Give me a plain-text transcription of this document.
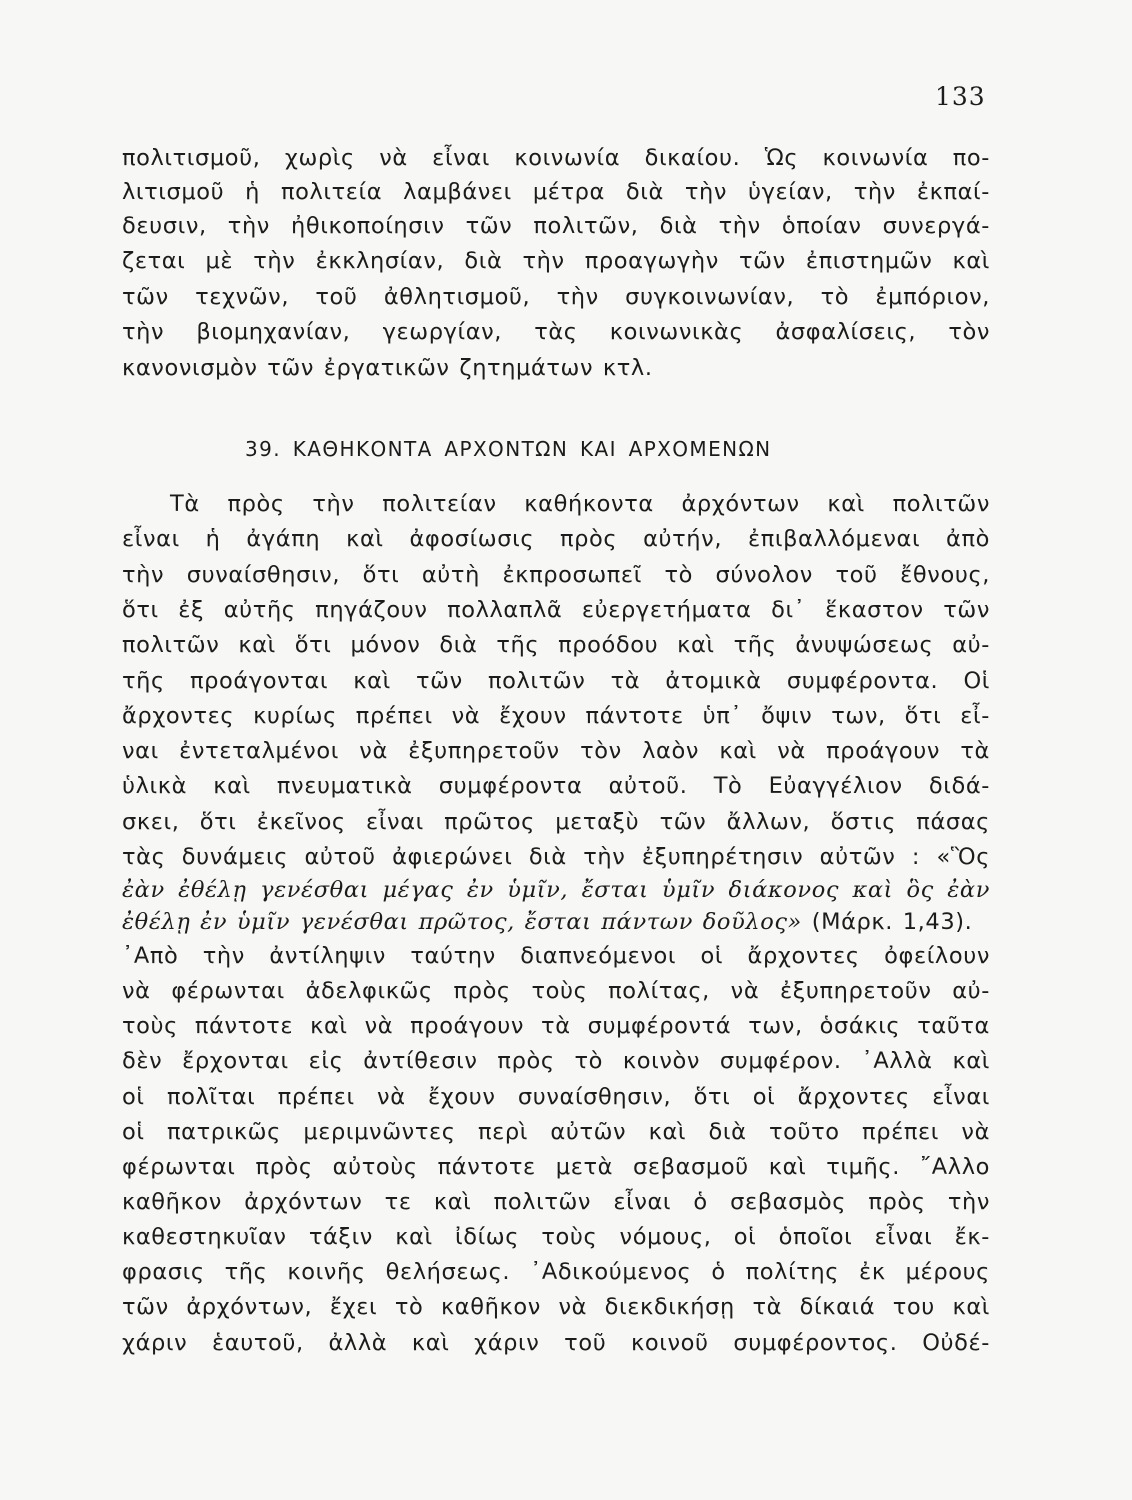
133
πολιτισμοῦ, χωρὶς νὰ εἶναι κοινωνία δικαίου. Ὡς κοινωνία πο-
λιτισμοῦ ἡ πολιτεία λαμβάνει μέτρα διὰ τὴν ὑγείαν, τὴν ἐκπαί-
δευσιν, τὴν ἠθικοποίησιν τῶν πολιτῶν, διὰ τὴν ὁποίαν συνεργά-
ζεται μὲ τὴν ἐκκλησίαν, διὰ τὴν προαγωγὴν τῶν ἐπιστημῶν καὶ
τῶν τεχνῶν, τοῦ ἀθλητισμοῦ, τὴν συγκοινωνίαν, τὸ ἐμπόριον,
τὴν βιομηχανίαν, γεωργίαν, τὰς κοινωνικὰς ἀσφαλίσεις, τὸν
κανονισμὸν τῶν ἐργατικῶν ζητημάτων κτλ.
39. ΚΑΘΗΚΟΝΤΑ ΑΡΧΟΝΤΩΝ ΚΑΙ ΑΡΧΟΜΕΝΩΝ
Τὰ πρὸς τὴν πολιτείαν καθήκοντα ἀρχόντων καὶ πολιτῶν
εἶναι ἡ ἀγάπη καὶ ἀφοσίωσις πρὸς αὐτήν, ἐπιβαλλόμεναι ἀπὸ
τὴν συναίσθησιν, ὅτι αὐτὴ ἐκπροσωπεῖ τὸ σύνολον τοῦ ἔθνους,
ὅτι ἐξ αὐτῆς πηγάζουν πολλαπλᾶ εὐεργετήματα δι᾽ ἕκαστον τῶν
πολιτῶν καὶ ὅτι μόνον διὰ τῆς προόδου καὶ τῆς ἀνυψώσεως αὐ-
τῆς προάγονται καὶ τῶν πολιτῶν τὰ ἀτομικὰ συμφέροντα. Οἱ
ἄρχοντες κυρίως πρέπει νὰ ἔχουν πάντοτε ὑπ᾽ ὄψιν των, ὅτι εἶ-
ναι ἐντεταλμένοι νὰ ἐξυπηρετοῦν τὸν λαὸν καὶ νὰ προάγουν τὰ
ὑλικὰ καὶ πνευματικὰ συμφέροντα αὐτοῦ. Τὸ Εὐαγγέλιον διδά-
σκει, ὅτι ἐκεῖνος εἶναι πρῶτος μεταξὺ τῶν ἄλλων, ὅστις πάσας
τὰς δυνάμεις αὐτοῦ ἀφιερώνει διὰ τὴν ἐξυπηρέτησιν αὐτῶν : «Ὃς
ἐὰν ἐθέλῃ γενέσθαι μέγας ἐν ὑμῖν, ἔσται ὑμῖν διάκονος καὶ ὃς ἐὰν
ἐθέλῃ ἐν ὑμῖν γενέσθαι πρῶτος, ἔσται πάντων δοῦλος» (Μάρκ. 1,43).
᾽Απὸ τὴν ἀντίληψιν ταύτην διαπνεόμενοι οἱ ἄρχοντες ὀφείλουν
νὰ φέρωνται ἀδελφικῶς πρὸς τοὺς πολίτας, νὰ ἐξυπηρετοῦν αὐ-
τοὺς πάντοτε καὶ νὰ προάγουν τὰ συμφέροντά των, ὁσάκις ταῦτα
δὲν ἔρχονται εἰς ἀντίθεσιν πρὸς τὸ κοινὸν συμφέρον. ᾽Αλλὰ καὶ
οἱ πολῖται πρέπει νὰ ἔχουν συναίσθησιν, ὅτι οἱ ἄρχοντες εἶναι
οἱ πατρικῶς μεριμνῶντες περὶ αὐτῶν καὶ διὰ τοῦτο πρέπει νὰ
φέρωνται πρὸς αὐτοὺς πάντοτε μετὰ σεβασμοῦ καὶ τιμῆς. ῎Αλλο
καθῆκον ἀρχόντων τε καὶ πολιτῶν εἶναι ὁ σεβασμὸς πρὸς τὴν
καθεστηκυῖαν τάξιν καὶ ἰδίως τοὺς νόμους, οἱ ὁποῖοι εἶναι ἔκ-
φρασις τῆς κοινῆς θελήσεως. ᾽Αδικούμενος ὁ πολίτης ἐκ μέρους
τῶν ἀρχόντων, ἔχει τὸ καθῆκον νὰ διεκδικήσῃ τὰ δίκαιά του καὶ
χάριν ἑαυτοῦ, ἀλλὰ καὶ χάριν τοῦ κοινοῦ συμφέροντος. Οὐδέ-
